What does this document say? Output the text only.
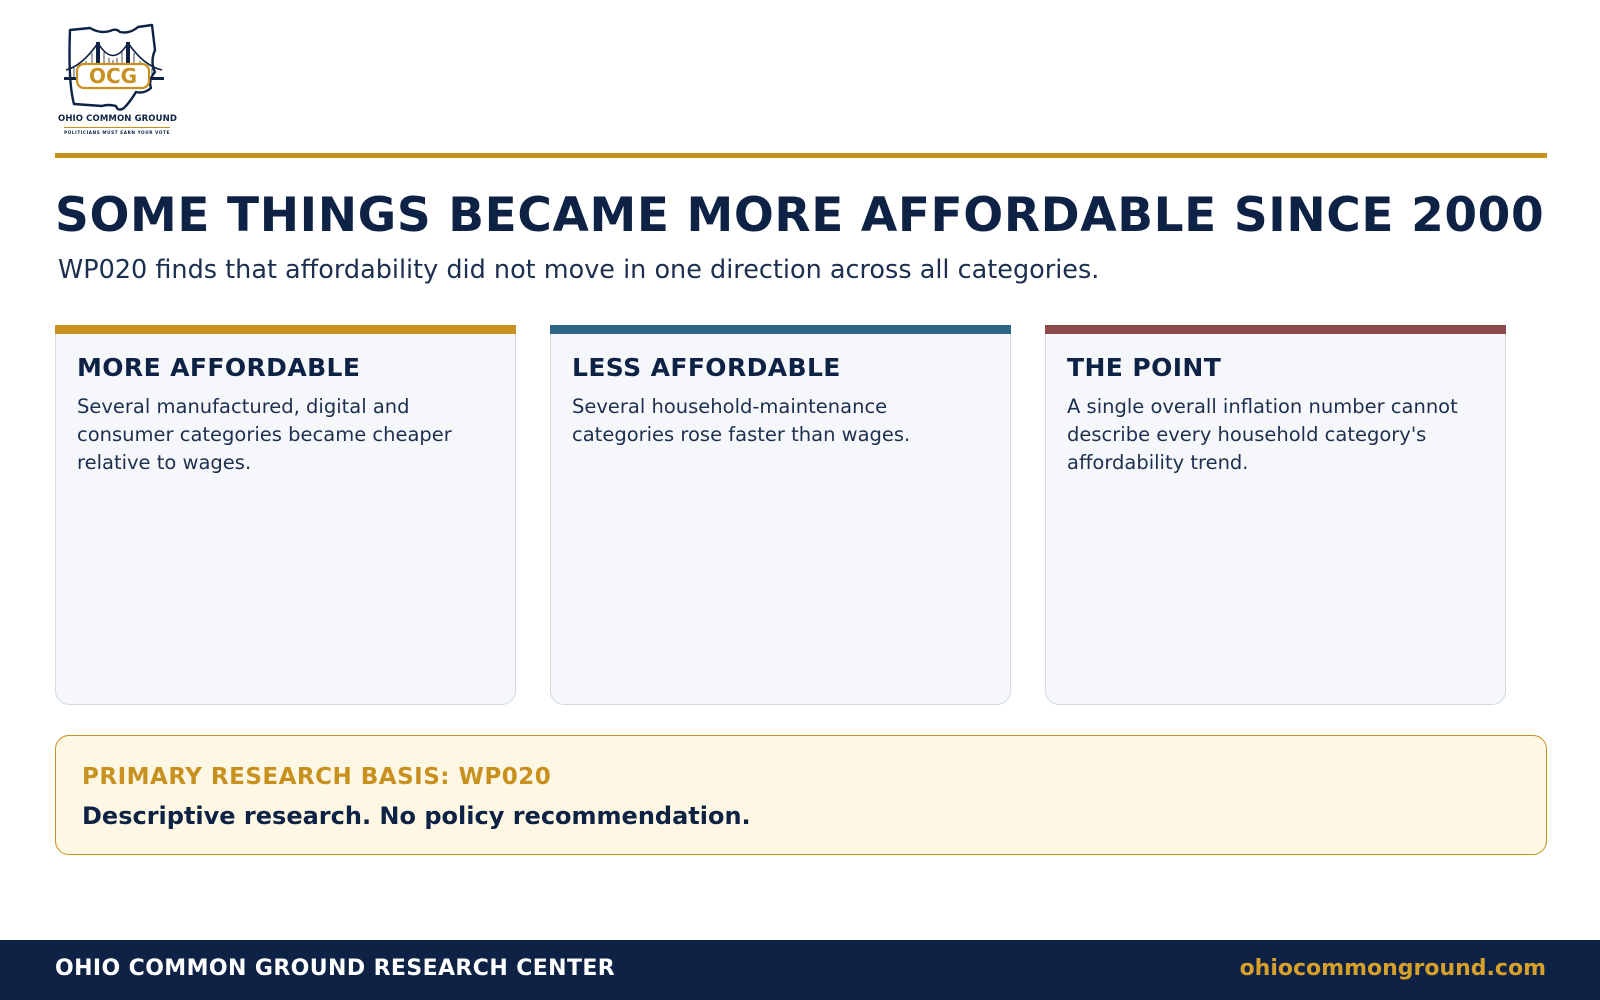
OCG
OHIO COMMON GROUND
POLITICIANS MUST EARN YOUR VOTE
SOME THINGS BECAME MORE AFFORDABLE SINCE 2000

WP020 finds that affordability did not move in one direction across all categories.

MORE AFFORDABLE
Several manufactured, digital and consumer categories became cheaper relative to wages.
LESS AFFORDABLE
Several household-maintenance categories rose faster than wages.
THE POINT
A single overall inflation number cannot describe every household category's affordability trend.
PRIMARY RESEARCH BASIS: WP020
Descriptive research. No policy recommendation.
OHIO COMMON GROUND RESEARCH CENTER	ohiocommonground.com
